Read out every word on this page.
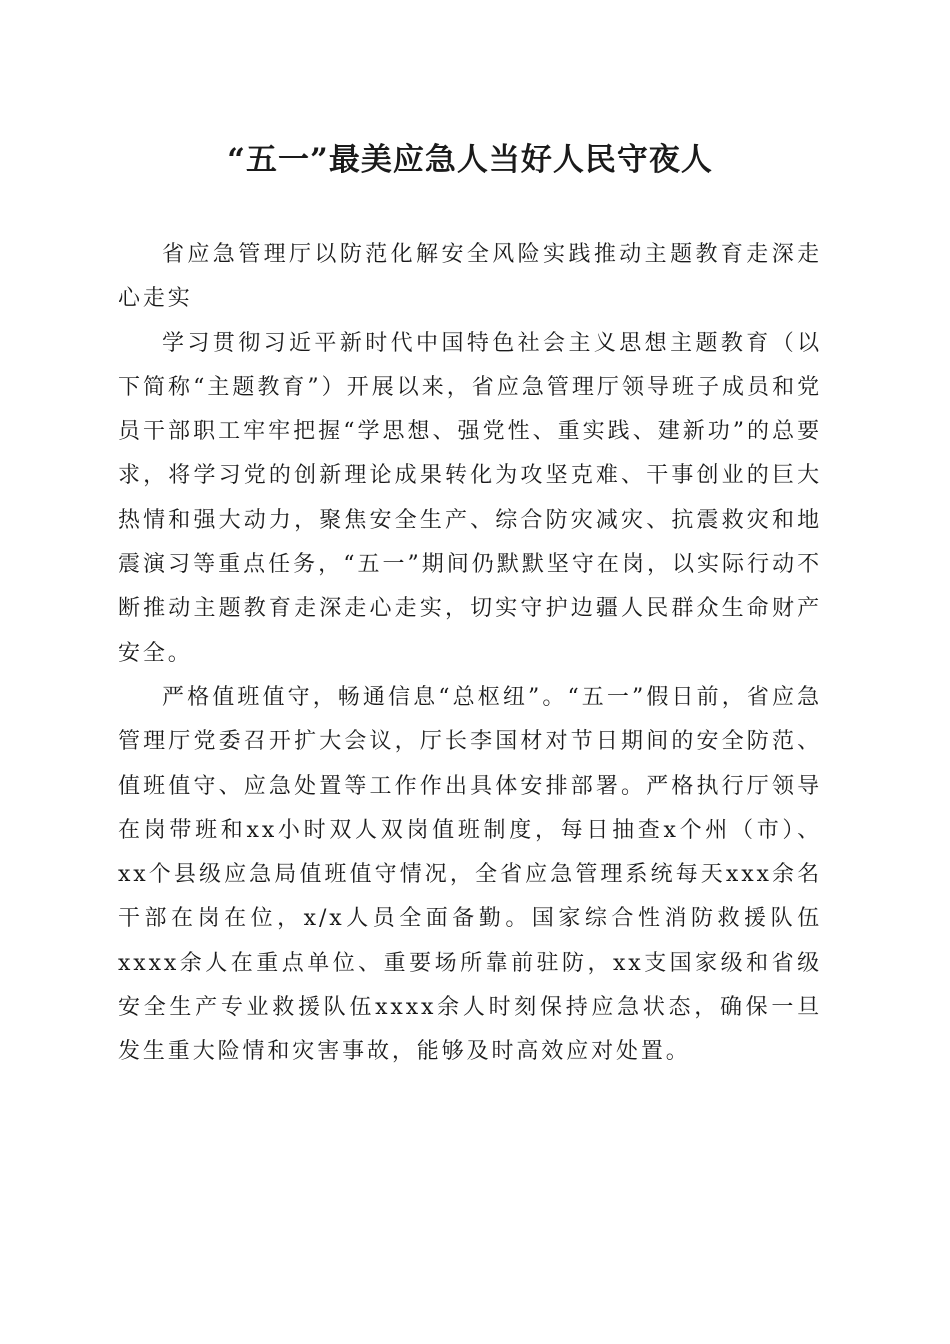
“五一”最美应急人当好人民守夜人

省应急管理厅以防范化解安全风险实践推动主题教育走深走心走实

学习贯彻习近平新时代中国特色社会主义思想主题教育（以下简称“主题教育”）开展以来，省应急管理厅领导班子成员和党员干部职工牢牢把握“学思想、强党性、重实践、建新功”的总要求，将学习党的创新理论成果转化为攻坚克难、干事创业的巨大热情和强大动力，聚焦安全生产、综合防灾减灾、抗震救灾和地震演习等重点任务，“五一”期间仍默默坚守在岗，以实际行动不断推动主题教育走深走心走实，切实守护边疆人民群众生命财产安全。

严格值班值守，畅通信息“总枢纽”。“五一”假日前，省应急管理厅党委召开扩大会议，厅长李国材对节日期间的安全防范、值班值守、应急处置等工作作出具体安排部署。严格执行厅领导在岗带班和xx小时双人双岗值班制度，每日抽查x个州（市）、xx个县级应急局值班值守情况，全省应急管理系统每天xxx余名干部在岗在位，x/x人员全面备勤。国家综合性消防救援队伍xxxx余人在重点单位、重要场所靠前驻防，xx支国家级和省级安全生产专业救援队伍xxxx余人时刻保持应急状态，确保一旦发生重大险情和灾害事故，能够及时高效应对处置。
